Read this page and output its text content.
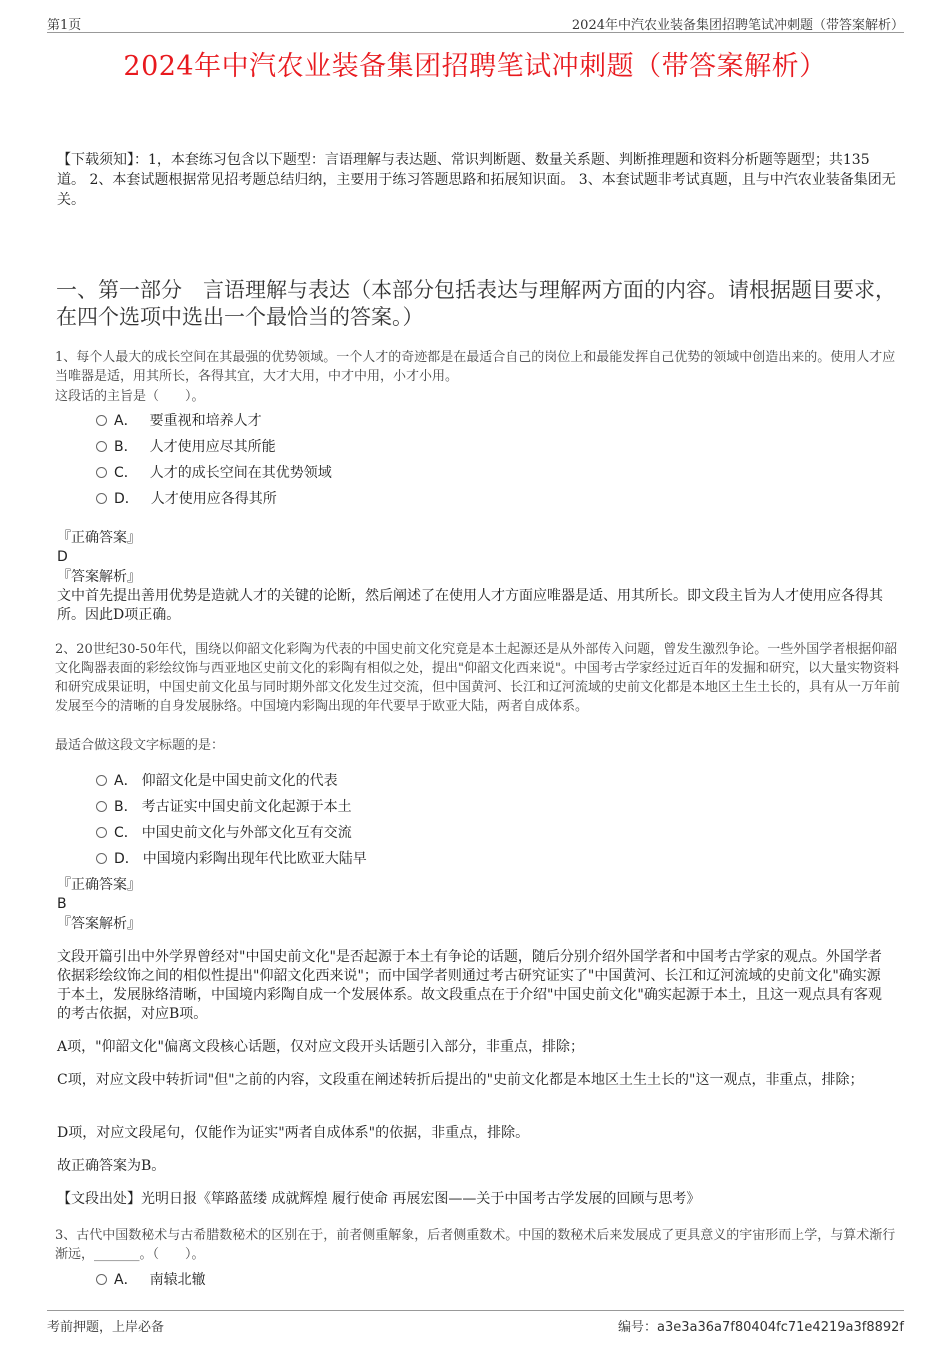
第1页	2024年中汽农业装备集团招聘笔试冲刺题（带答案解析）
2024年中汽农业装备集团招聘笔试冲刺题（带答案解析）
【下载须知】：1，本套练习包含以下题型：言语理解与表达题、常识判断题、数量关系题、判断推理题和资料分析题等题型；共135道。 2、本套试题根据常见招考题总结归纳，主要用于练习答题思路和拓展知识面。 3、本套试题非考试真题，且与中汽农业装备集团无关。
一、第一部分　言语理解与表达（本部分包括表达与理解两方面的内容。请根据题目要求，在四个选项中选出一个最恰当的答案。）
1、每个人最大的成长空间在其最强的优势领域。一个人才的奇迹都是在最适合自己的岗位上和最能发挥自己优势的领域中创造出来的。使用人才应当唯器是适，用其所长，各得其宜，大才大用，中才中用，小才小用。
这段话的主旨是（　　）。
A． 要重视和培养人才
B． 人才使用应尽其所能
C． 人才的成长空间在其优势领域
D． 人才使用应各得其所
『正确答案』
D
『答案解析』
文中首先提出善用优势是造就人才的关键的论断，然后阐述了在使用人才方面应唯器是适、用其所长。即文段主旨为人才使用应各得其所。因此D项正确。
2、20世纪30-50年代，围绕以仰韶文化彩陶为代表的中国史前文化究竟是本土起源还是从外部传入问题，曾发生激烈争论。一些外国学者根据仰韶文化陶器表面的彩绘纹饰与西亚地区史前文化的彩陶有相似之处，提出"仰韶文化西来说"。中国考古学家经过近百年的发掘和研究，以大量实物资料和研究成果证明，中国史前文化虽与同时期外部文化发生过交流，但中国黄河、长江和辽河流域的史前文化都是本地区土生土长的，具有从一万年前发展至今的清晰的自身发展脉络。中国境内彩陶出现的年代要早于欧亚大陆，两者自成体系。
最适合做这段文字标题的是：
A． 仰韶文化是中国史前文化的代表
B． 考古证实中国史前文化起源于本土
C． 中国史前文化与外部文化互有交流
D． 中国境内彩陶出现年代比欧亚大陆早
『正确答案』
B
『答案解析』
文段开篇引出中外学界曾经对"中国史前文化"是否起源于本土有争论的话题，随后分别介绍外国学者和中国考古学家的观点。外国学者依据彩绘纹饰之间的相似性提出"仰韶文化西来说"；而中国学者则通过考古研究证实了"中国黄河、长江和辽河流域的史前文化"确实源于本土，发展脉络清晰，中国境内彩陶自成一个发展体系。故文段重点在于介绍"中国史前文化"确实起源于本土，且这一观点具有客观的考古依据，对应B项。
A项，"仰韶文化"偏离文段核心话题，仅对应文段开头话题引入部分，非重点，排除；
C项，对应文段中转折词"但"之前的内容，文段重在阐述转折后提出的"史前文化都是本地区土生土长的"这一观点，非重点，排除；
D项，对应文段尾句，仅能作为证实"两者自成体系"的依据，非重点，排除。
故正确答案为B。
【文段出处】光明日报《筚路蓝缕 成就辉煌 履行使命 再展宏图——关于中国考古学发展的回顾与思考》
3、古代中国数秘术与古希腊数秘术的区别在于，前者侧重解象，后者侧重数术。中国的数秘术后来发展成了更具意义的宇宙形而上学，与算术渐行渐远，_______。（　　）。
A． 南辕北辙
考前押题，上岸必备	编号：a3e3a36a7f80404fc71e4219a3f8892f
